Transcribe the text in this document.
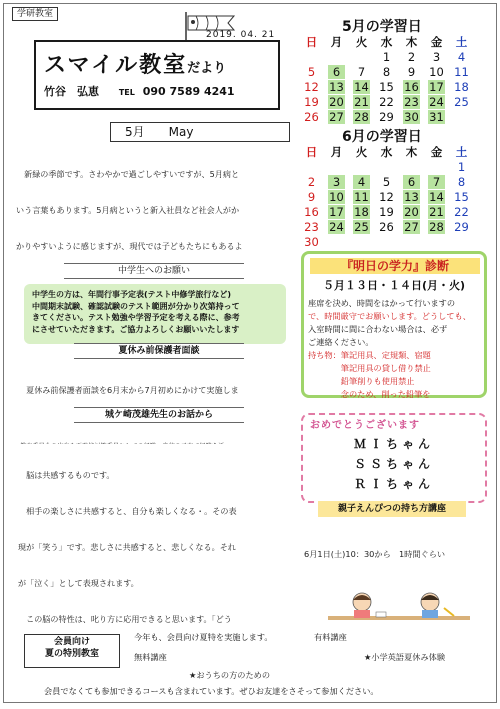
学研教室
2019. 04. 21
スマイル教室だより
竹谷　弘恵 TEL 090 7589 4241
5月　　May

　新緑の季節です。さわやかで過ごしやすいですが、5月病と

いう言葉もあります。5月病というと新入社員など社会人がか

かりやすいように感じますが、現代では子どもたちにもあるよ

中学生へのお願い
中学生の方は、年間行事予定表(テスト中修学旅行など)
中間期末試験、確認試験のテスト範囲が分かり次第持って
きてください。テスト勉強や学習予定を考える際に、参考
にさせていただきます。ご協力よろしくお願いいたします
夏休み前保護者面談

　夏休み前保護者面談を6月末から7月初めにかけて実施しま

城ケ崎茂雄先生のお話から

　脳は共感するものです。

　相手の楽しさに共感すると、自分も楽しくなる・。その表

現が「笑う」です。悲しさに共感すると、悲しくなる。それ

が「泣く」として表現されます。

　この脳の特性は、叱り方に応用できると思います。「どう

5月の学習日
日	月	火	水	木	金	土
			1	2	3	4
5	6	7	8	9	10	11
12	13	14	15	16	17	18
19	20	21	22	23	24	25
26	27	28	29	30	31	
6月の学習日
日	月	火	水	木	金	土
						1
2	3	4	5	6	7	8
9	10	11	12	13	14	15
16	17	18	19	20	21	22
23	24	25	26	27	28	29
30						
『明日の学力』診断
５月１３日・１４日(月・火)
座席を決め、時間をはかって行いますの
で、時間厳守でお願いします。どうしても、
入室時間に間に合わない場合は、必ず
ご連絡ください。
持ち物：筆記用具、定規類、宿題
　　　　筆記用具の貸し借り禁止
　　　　鉛筆削りも使用禁止
　　　　念のため、削った鉛筆を
おめでとうございます
ＭＩちゃん
ＳＳちゃん
ＲＩちゃん
親子えんぴつの持ち方講座

6月1日(土)10：30から　1時間ぐらい

会員向け
夏の特別教室
今年も、会員向け夏特を実施します。	有料講座
無料講座

★おうちの方のための

★小学英語夏休み体験

会員でなくても参加できるコースも含まれています。ぜひお友達をさそって参加ください。
